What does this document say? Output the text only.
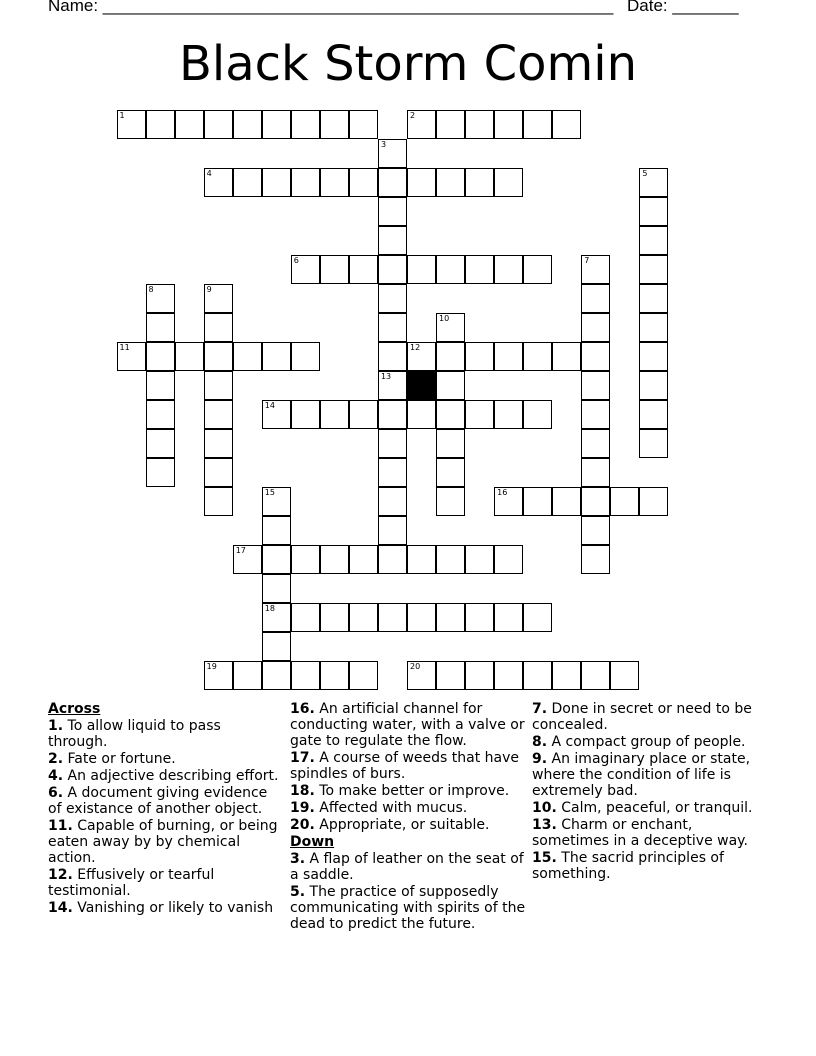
Name: ______________________________________________________ Date: _______
Black Storm Comin
1	2
3
13
4	5
6	7
8	9
10
11	12
14
15
18
16
17
19	20
Across
1. To allow liquid to pass through.
2. Fate or fortune.
4. An adjective describing effort.
6. A document giving evidence of existance of another object.
11. Capable of burning, or being eaten away by by chemical action.
12. Effusively or tearful testimonial.
14. Vanishing or likely to vanish
16. An artificial channel for conducting water, with a valve or gate to regulate the flow.
17. A course of weeds that have spindles of burs.
18. To make better or improve.
19. Affected with mucus.
20. Appropriate, or suitable.
Down
3. A flap of leather on the seat of a saddle.
5. The practice of supposedly communicating with spirits of the dead to predict the future.
7. Done in secret or need to be concealed.
8. A compact group of people.
9. An imaginary place or state, where the condition of life is extremely bad.
10. Calm, peaceful, or tranquil.
13. Charm or enchant, sometimes in a deceptive way.
15. The sacrid principles of something.
